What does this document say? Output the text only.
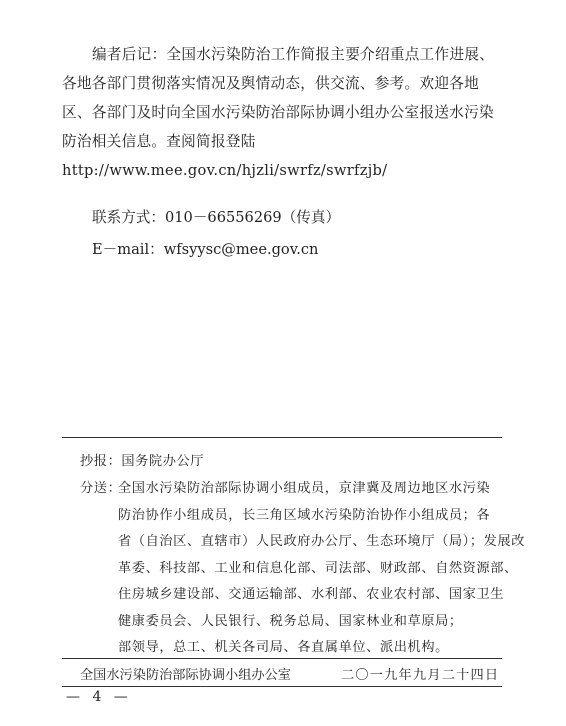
编者后记：全国水污染防治工作简报主要介绍重点工作进展、各地各部门贯彻落实情况及舆情动态，供交流、参考。欢迎各地区、各部门及时向全国水污染防治部际协调小组办公室报送水污染防治相关信息。查阅简报登陆 http://www.mee.gov.cn/hjzli/swrfz/swrfzjb/

联系方式：010－66556269（传真）
E－mail：wfsyysc@mee.gov.cn
抄报：国务院办公厅
分送：
全国水污染防治部际协调小组成员，京津冀及周边地区水污染
防治协作小组成员，长三角区域水污染防治协作小组成员；各
省（自治区、直辖市）人民政府办公厅、生态环境厅（局）；发展改
革委、科技部、工业和信息化部、司法部、财政部、自然资源部、
住房城乡建设部、交通运输部、水利部、农业农村部、国家卫生
健康委员会、人民银行、税务总局、国家林业和草原局；
部领导，总工、机关各司局、各直属单位、派出机构。
全国水污染防治部际协调小组办公室	二〇一九年九月二十四日
— 4 —
